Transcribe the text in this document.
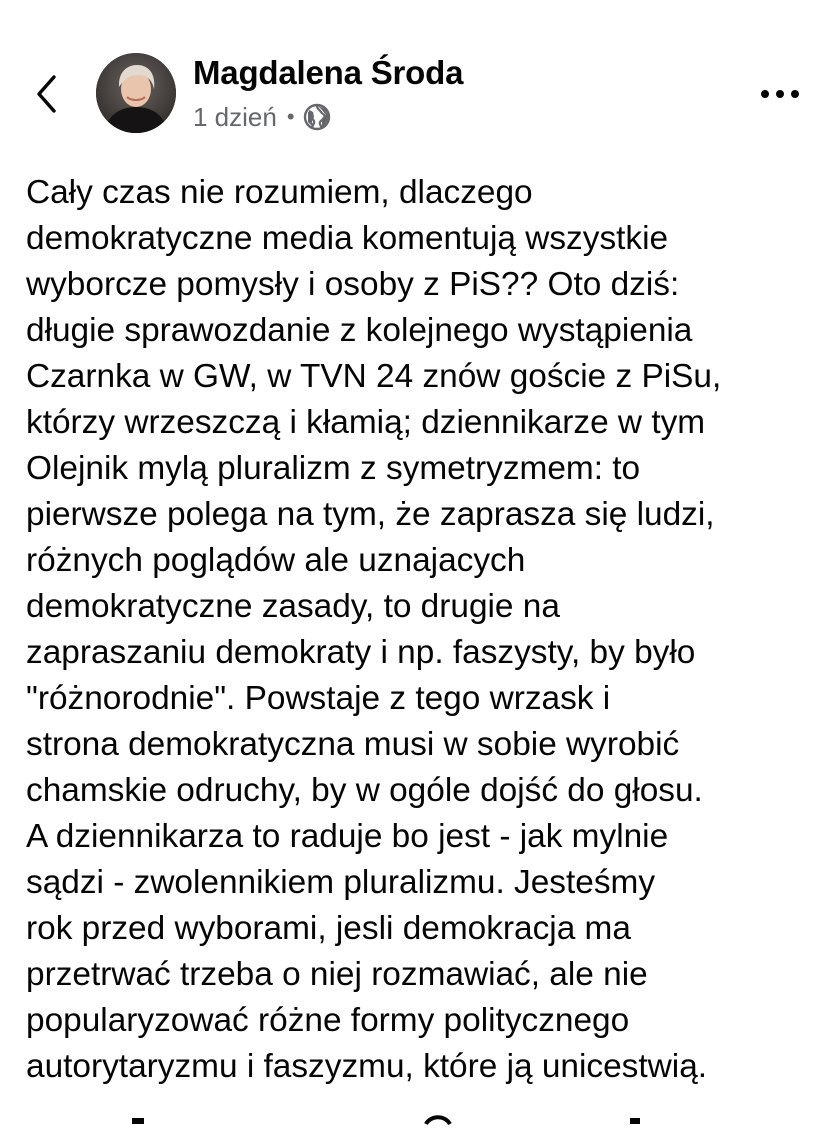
Magdalena Środa
1 dzień •
Cały czas nie rozumiem, dlaczego
demokratyczne media komentują wszystkie
wyborcze pomysły i osoby z PiS?? Oto dziś:
długie sprawozdanie z kolejnego wystąpienia
Czarnka w GW, w TVN 24 znów goście z PiSu,
którzy wrzeszczą i kłamią; dziennikarze w tym
Olejnik mylą pluralizm z symetryzmem: to
pierwsze polega na tym, że zaprasza się ludzi,
różnych poglądów ale uznajacych
demokratyczne zasady, to drugie na
zapraszaniu demokraty i np. faszysty, by było
"różnorodnie". Powstaje z tego wrzask i
strona demokratyczna musi w sobie wyrobić
chamskie odruchy, by w ogóle dojść do głosu.
A dziennikarza to raduje bo jest - jak mylnie
sądzi - zwolennikiem pluralizmu. Jesteśmy
rok przed wyborami, jesli demokracja ma
przetrwać trzeba o niej rozmawiać, ale nie
popularyzować różne formy politycznego
autorytaryzmu i faszyzmu, które ją unicestwią.
